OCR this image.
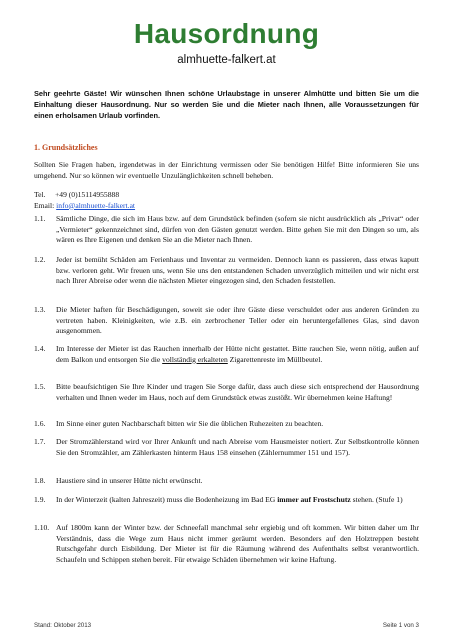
Hausordnung
almhuette-falkert.at
Sehr geehrte Gäste! Wir wünschen Ihnen schöne Urlaubstage in unserer Almhütte und bitten Sie um die Einhaltung dieser Hausordnung. Nur so werden Sie und die Mieter nach Ihnen, alle Voraussetzungen für einen erholsamen Urlaub vorfinden.
1. Grundsätzliches
Sollten Sie Fragen haben, irgendetwas in der Einrichtung vermissen oder Sie benötigen Hilfe! Bitte informieren Sie uns umgehend. Nur so können wir eventuelle Unzulänglichkeiten schnell beheben.
Tel. +49 (0)15114955888
Email: info@almhuette-falkert.at
1.1.	Sämtliche Dinge, die sich im Haus bzw. auf dem Grundstück befinden (sofern sie nicht ausdrücklich als „Privat“ oder „Vermieter“ gekennzeichnet sind, dürfen von den Gästen genutzt werden. Bitte gehen Sie mit den Dingen so um, als wären es Ihre Eigenen und denken Sie an die Mieter nach Ihnen.
1.2.	Jeder ist bemüht Schäden am Ferienhaus und Inventar zu vermeiden. Dennoch kann es passieren, dass etwas kaputt bzw. verloren geht. Wir freuen uns, wenn Sie uns den entstandenen Schaden unverzüglich mitteilen und wir nicht erst nach Ihrer Abreise oder wenn die nächsten Mieter eingezogen sind, den Schaden feststellen.
1.3.	Die Mieter haften für Beschädigungen, soweit sie oder ihre Gäste diese verschuldet oder aus anderen Gründen zu vertreten haben. Kleinigkeiten, wie z.B. ein zerbrochener Teller oder ein heruntergefallenes Glas, sind davon ausgenommen.
1.4.	Im Interesse der Mieter ist das Rauchen innerhalb der Hütte nicht gestattet. Bitte rauchen Sie, wenn nötig, außen auf dem Balkon und entsorgen Sie die vollständig erkalteten Zigarettenreste im Müllbeutel.
1.5.	Bitte beaufsichtigen Sie Ihre Kinder und tragen Sie Sorge dafür, dass auch diese sich entsprechend der Hausordnung verhalten und Ihnen weder im Haus, noch auf dem Grundstück etwas zustößt. Wir übernehmen keine Haftung!
1.6.	Im Sinne einer guten Nachbarschaft bitten wir Sie die üblichen Ruhezeiten zu beachten.
1.7.	Der Stromzählerstand wird vor Ihrer Ankunft und nach Abreise vom Hausmeister notiert. Zur Selbstkontrolle können Sie den Stromzähler, am Zählerkasten hinterm Haus 158 einsehen (Zählernummer 151 und 157).
1.8.	Haustiere sind in unserer Hütte nicht erwünscht.
1.9.	In der Winterzeit (kalten Jahreszeit) muss die Bodenheizung im Bad EG immer auf Frostschutz stehen. (Stufe 1)
1.10. Auf 1800m kann der Winter bzw. der Schneefall manchmal sehr ergiebig und oft kommen. Wir bitten daher um Ihr Verständnis, dass die Wege zum Haus nicht immer geräumt werden. Besonders auf den Holztreppen besteht Rutschgefahr durch Eisbildung. Der Mieter ist für die Räumung während des Aufenthalts selbst verantwortlich. Schaufeln und Schippen stehen bereit. Für etwaige Schäden übernehmen wir keine Haftung.
Stand: Oktober 2013	Seite 1 von 3
